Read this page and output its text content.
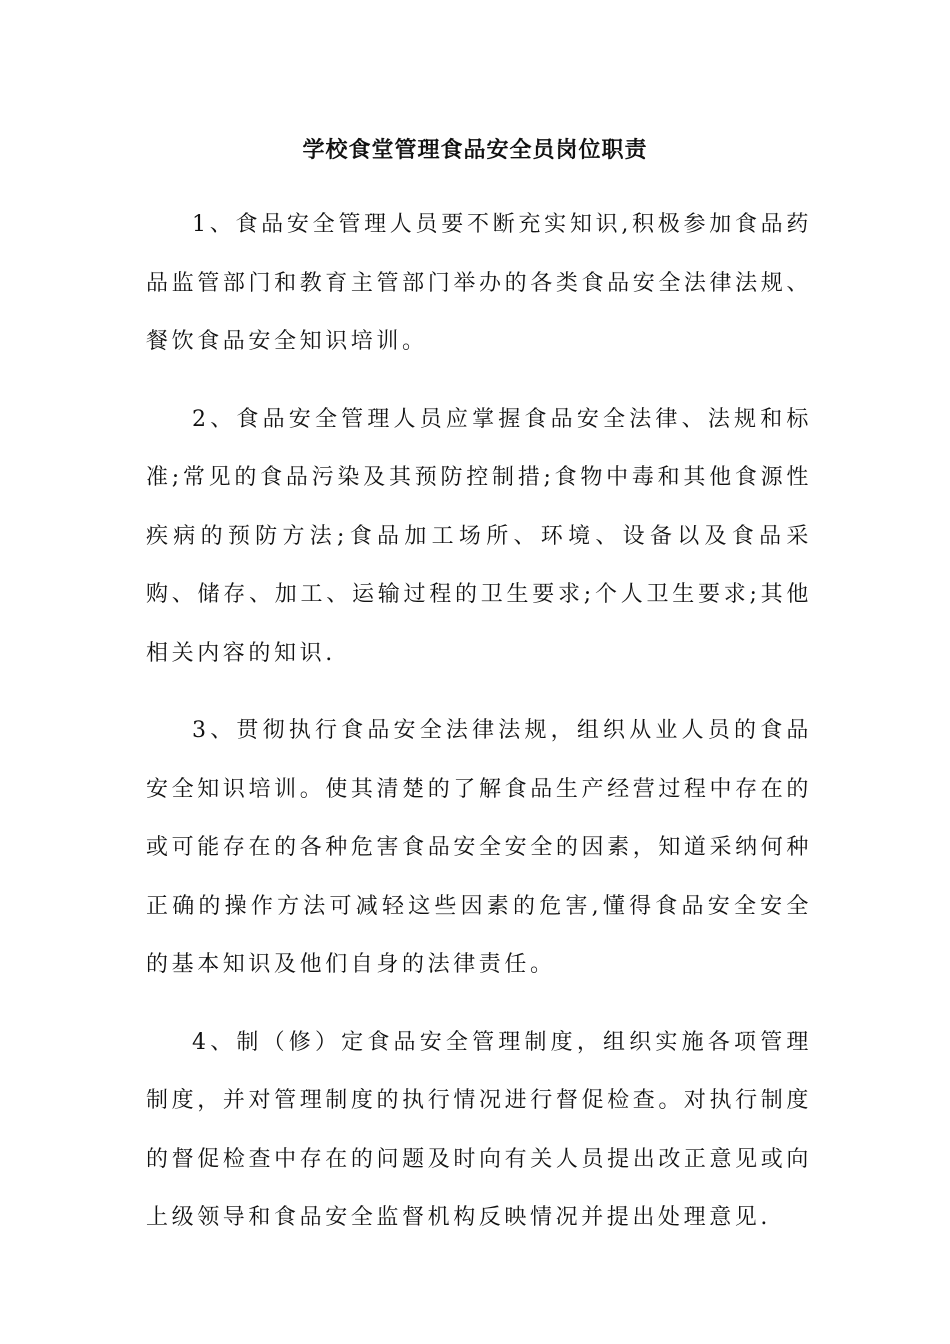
学校食堂管理食品安全员岗位职责

1、食品安全管理人员要不断充实知识,积极参加食品药品监管部门和教育主管部门举办的各类食品安全法律法规、餐饮食品安全知识培训。

2、食品安全管理人员应掌握食品安全法律、法规和标准;常见的食品污染及其预防控制措;食物中毒和其他食源性疾病的预防方法;食品加工场所、环境、设备以及食品采购、储存、加工、运输过程的卫生要求;个人卫生要求;其他相关内容的知识.

3、贯彻执行食品安全法律法规，组织从业人员的食品安全知识培训。使其清楚的了解食品生产经营过程中存在的或可能存在的各种危害食品安全安全的因素，知道采纳何种正确的操作方法可减轻这些因素的危害,懂得食品安全安全的基本知识及他们自身的法律责任。

4、制（修）定食品安全管理制度，组织实施各项管理制度，并对管理制度的执行情况进行督促检查。对执行制度的督促检查中存在的问题及时向有关人员提出改正意见或向上级领导和食品安全监督机构反映情况并提出处理意见.
